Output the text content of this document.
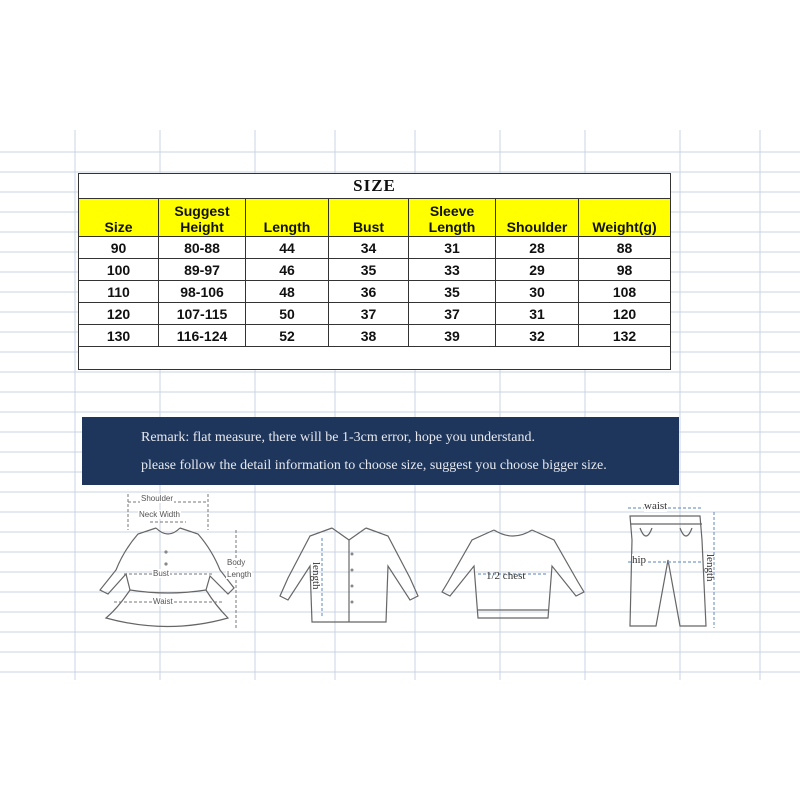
SIZE						
Size	Suggest Height	Length	Bust	Sleeve Length	Shoulder	Weight(g)
90	80-88	44	34	31	28	88
100	89-97	46	35	33	29	98
110	98-106	48	36	35	30	108
120	107-115	50	37	37	31	120
130	116-124	52	38	39	32	132

Remark: flat measure, there will be 1-3cm error, hope you understand.
please follow the detail information to choose size, suggest you choose bigger size.
Shoulder
Neck Width
Bust
Waist
Body
Length	length	1/2 chest
waist
hip	length
